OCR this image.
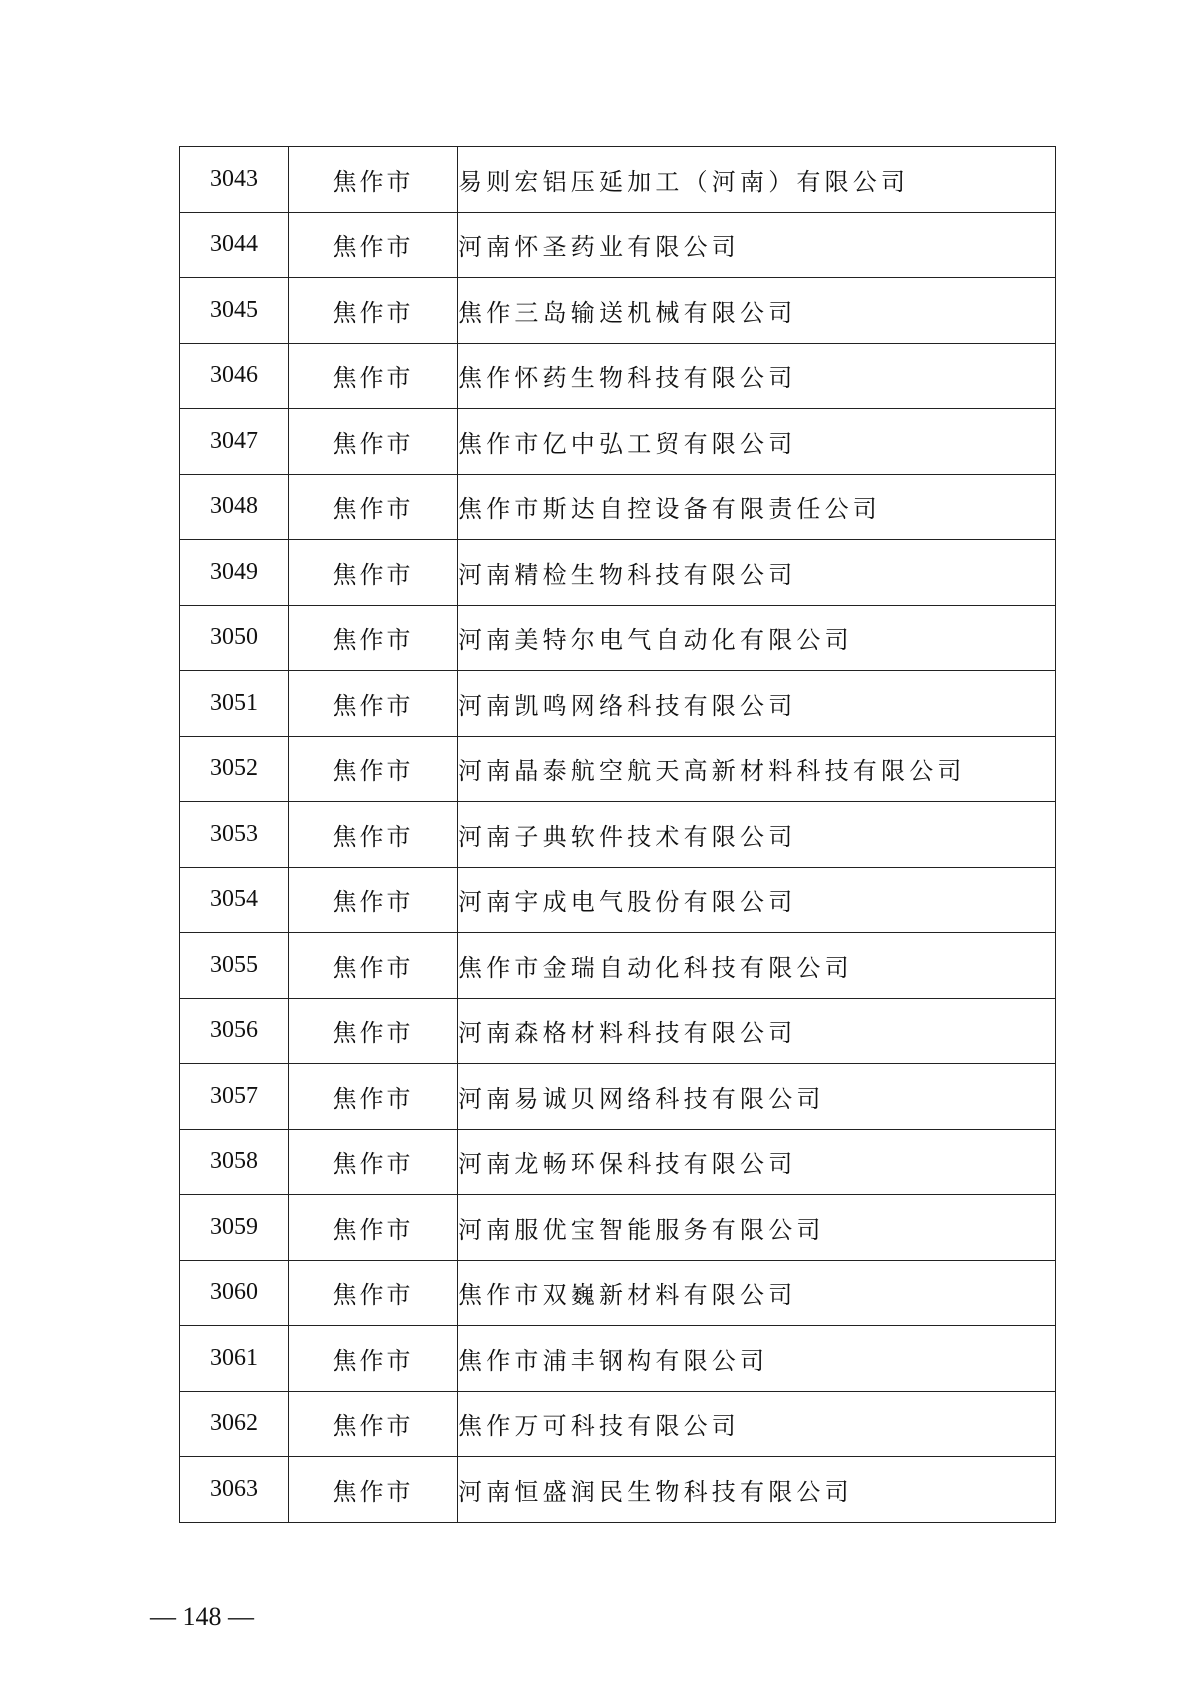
3043	焦作市	易则宏铝压延加工（河南）有限公司
3044	焦作市	河南怀圣药业有限公司
3045	焦作市	焦作三岛输送机械有限公司
3046	焦作市	焦作怀药生物科技有限公司
3047	焦作市	焦作市亿中弘工贸有限公司
3048	焦作市	焦作市斯达自控设备有限责任公司
3049	焦作市	河南精检生物科技有限公司
3050	焦作市	河南美特尔电气自动化有限公司
3051	焦作市	河南凯鸣网络科技有限公司
3052	焦作市	河南晶泰航空航天高新材料科技有限公司
3053	焦作市	河南子典软件技术有限公司
3054	焦作市	河南宇成电气股份有限公司
3055	焦作市	焦作市金瑞自动化科技有限公司
3056	焦作市	河南森格材料科技有限公司
3057	焦作市	河南易诚贝网络科技有限公司
3058	焦作市	河南龙畅环保科技有限公司
3059	焦作市	河南服优宝智能服务有限公司
3060	焦作市	焦作市双巍新材料有限公司
3061	焦作市	焦作市浦丰钢构有限公司
3062	焦作市	焦作万可科技有限公司
3063	焦作市	河南恒盛润民生物科技有限公司
— 148 —
